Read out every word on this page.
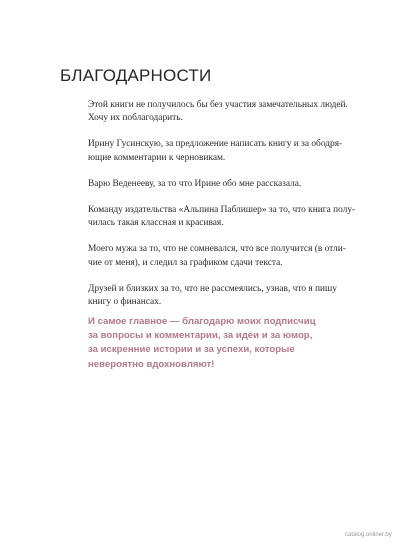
БЛАГОДАРНОСТИ

Этой книги не получилось бы без участия замечательных людей.
Хочу их поблагодарить.

Ирину Гусинскую, за предложение написать книгу и за ободря-
ющие комментарии к черновикам.

Варю Веденееву, за то что Ирине обо мне рассказала.

Команду издательства «Альпина Паблишер» за то, что книга полу-
чилась такая классная и красивая.

Моего мужа за то, что не сомневался, что все получится (в отли-
чие от меня), и следил за графиком сдачи текста.

Друзей и близких за то, что не рассмеялись, узнав, что я пишу
книгу о финансах.

И самое главное — благодарю моих подписчиц
за вопросы и комментарии, за идеи и за юмор,
за искренние истории и за успехи, которые
невероятно вдохновляют!
catalog.onliner.by
